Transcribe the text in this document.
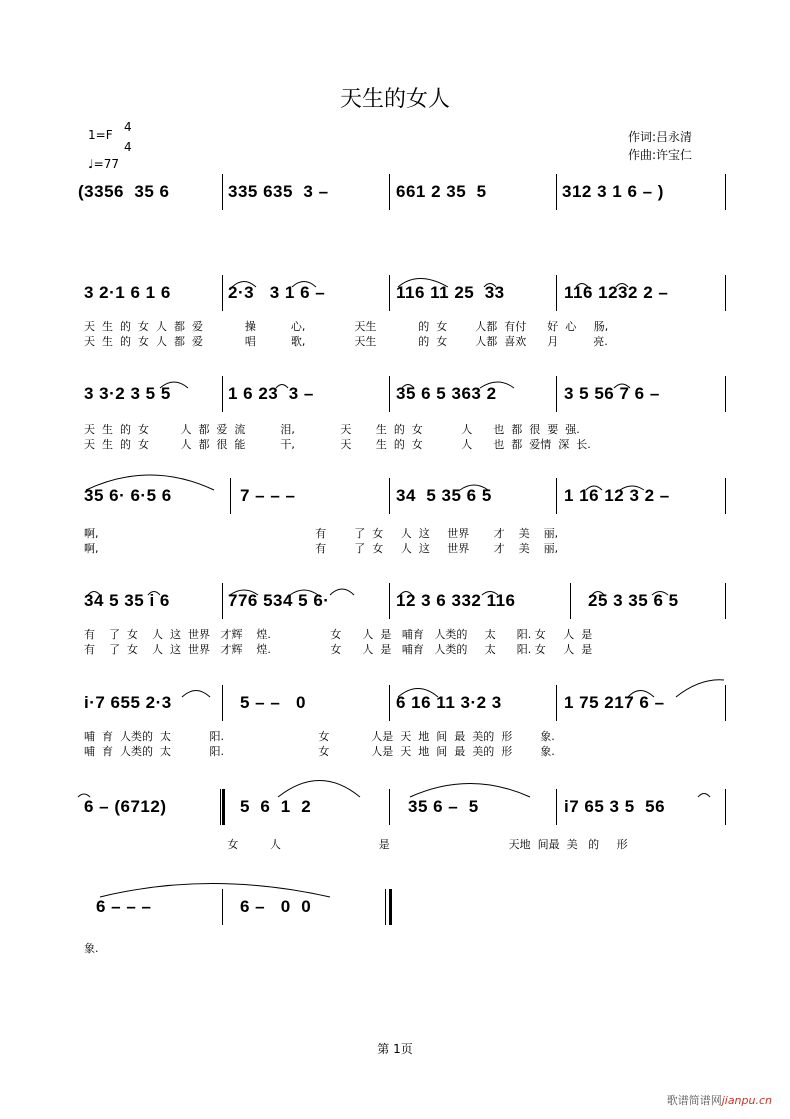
天生的女人
1=F
4
4
♩=77
作词:吕永清
作曲:许宝仁
(3356  35 6	335 635  3 –	661 2 35  5	312 3 1 6 – )
3 2·1 6 1 6	2·3   3 1 6 –	116 11 25  33	116 1232 2 –
天  生  的  女  人  都  爱            操          心,              天生            的  女        人都  有付      好  心     肠,
天  生  的  女  人  都  爱            唱          歌,              天生            的  女        人都  喜欢      月          亮.
3 3·2 3 5 5	1 6 23  3 –	35 6 5 363 2	3 5 56 7 6 –
天  生  的  女         人  都  爱  流          泪,             天       生  的  女           人      也  都  很  要  强.
天  生  的  女         人  都  很  能          干,             天       生  的  女           人      也  都  爱情  深  长.
35 6· 6·5 6	7 – – –	34  5 35 6 5	1 16 12 3 2 –
啊,                                                              有        了  女     人  这     世界       才    美    丽,
啊,                                                              有        了  女     人  这     世界       才    美    丽,
34 5 35 i 6	776 534 5 6·	12 3 6 332 116	25 3 35 6 5
有    了  女    人  这  世界   才辉    煌.                 女      人  是   哺育   人类的     太      阳. 女     人  是
有    了  女    人  这  世界   才辉    煌.                 女      人  是   哺育   人类的     太      阳. 女     人  是
i·7 655 2·3	5 – –   0	6 16 11 3·2 3	1 75 217 6 –
哺  育  人类的  太           阳.                           女            人是  天  地  间  最  美的  形        象.
哺  育  人类的  太           阳.                           女            人是  天  地  间  最  美的  形        象.
6 – (6712)	5  6  1  2	35 6 –  5	i7 65 3 5  56
女         人                            是                                  天地  间最  美   的     形
6 – – –	6 –   0  0
象.
第 1页
歌谱简谱网jianpu.cn
